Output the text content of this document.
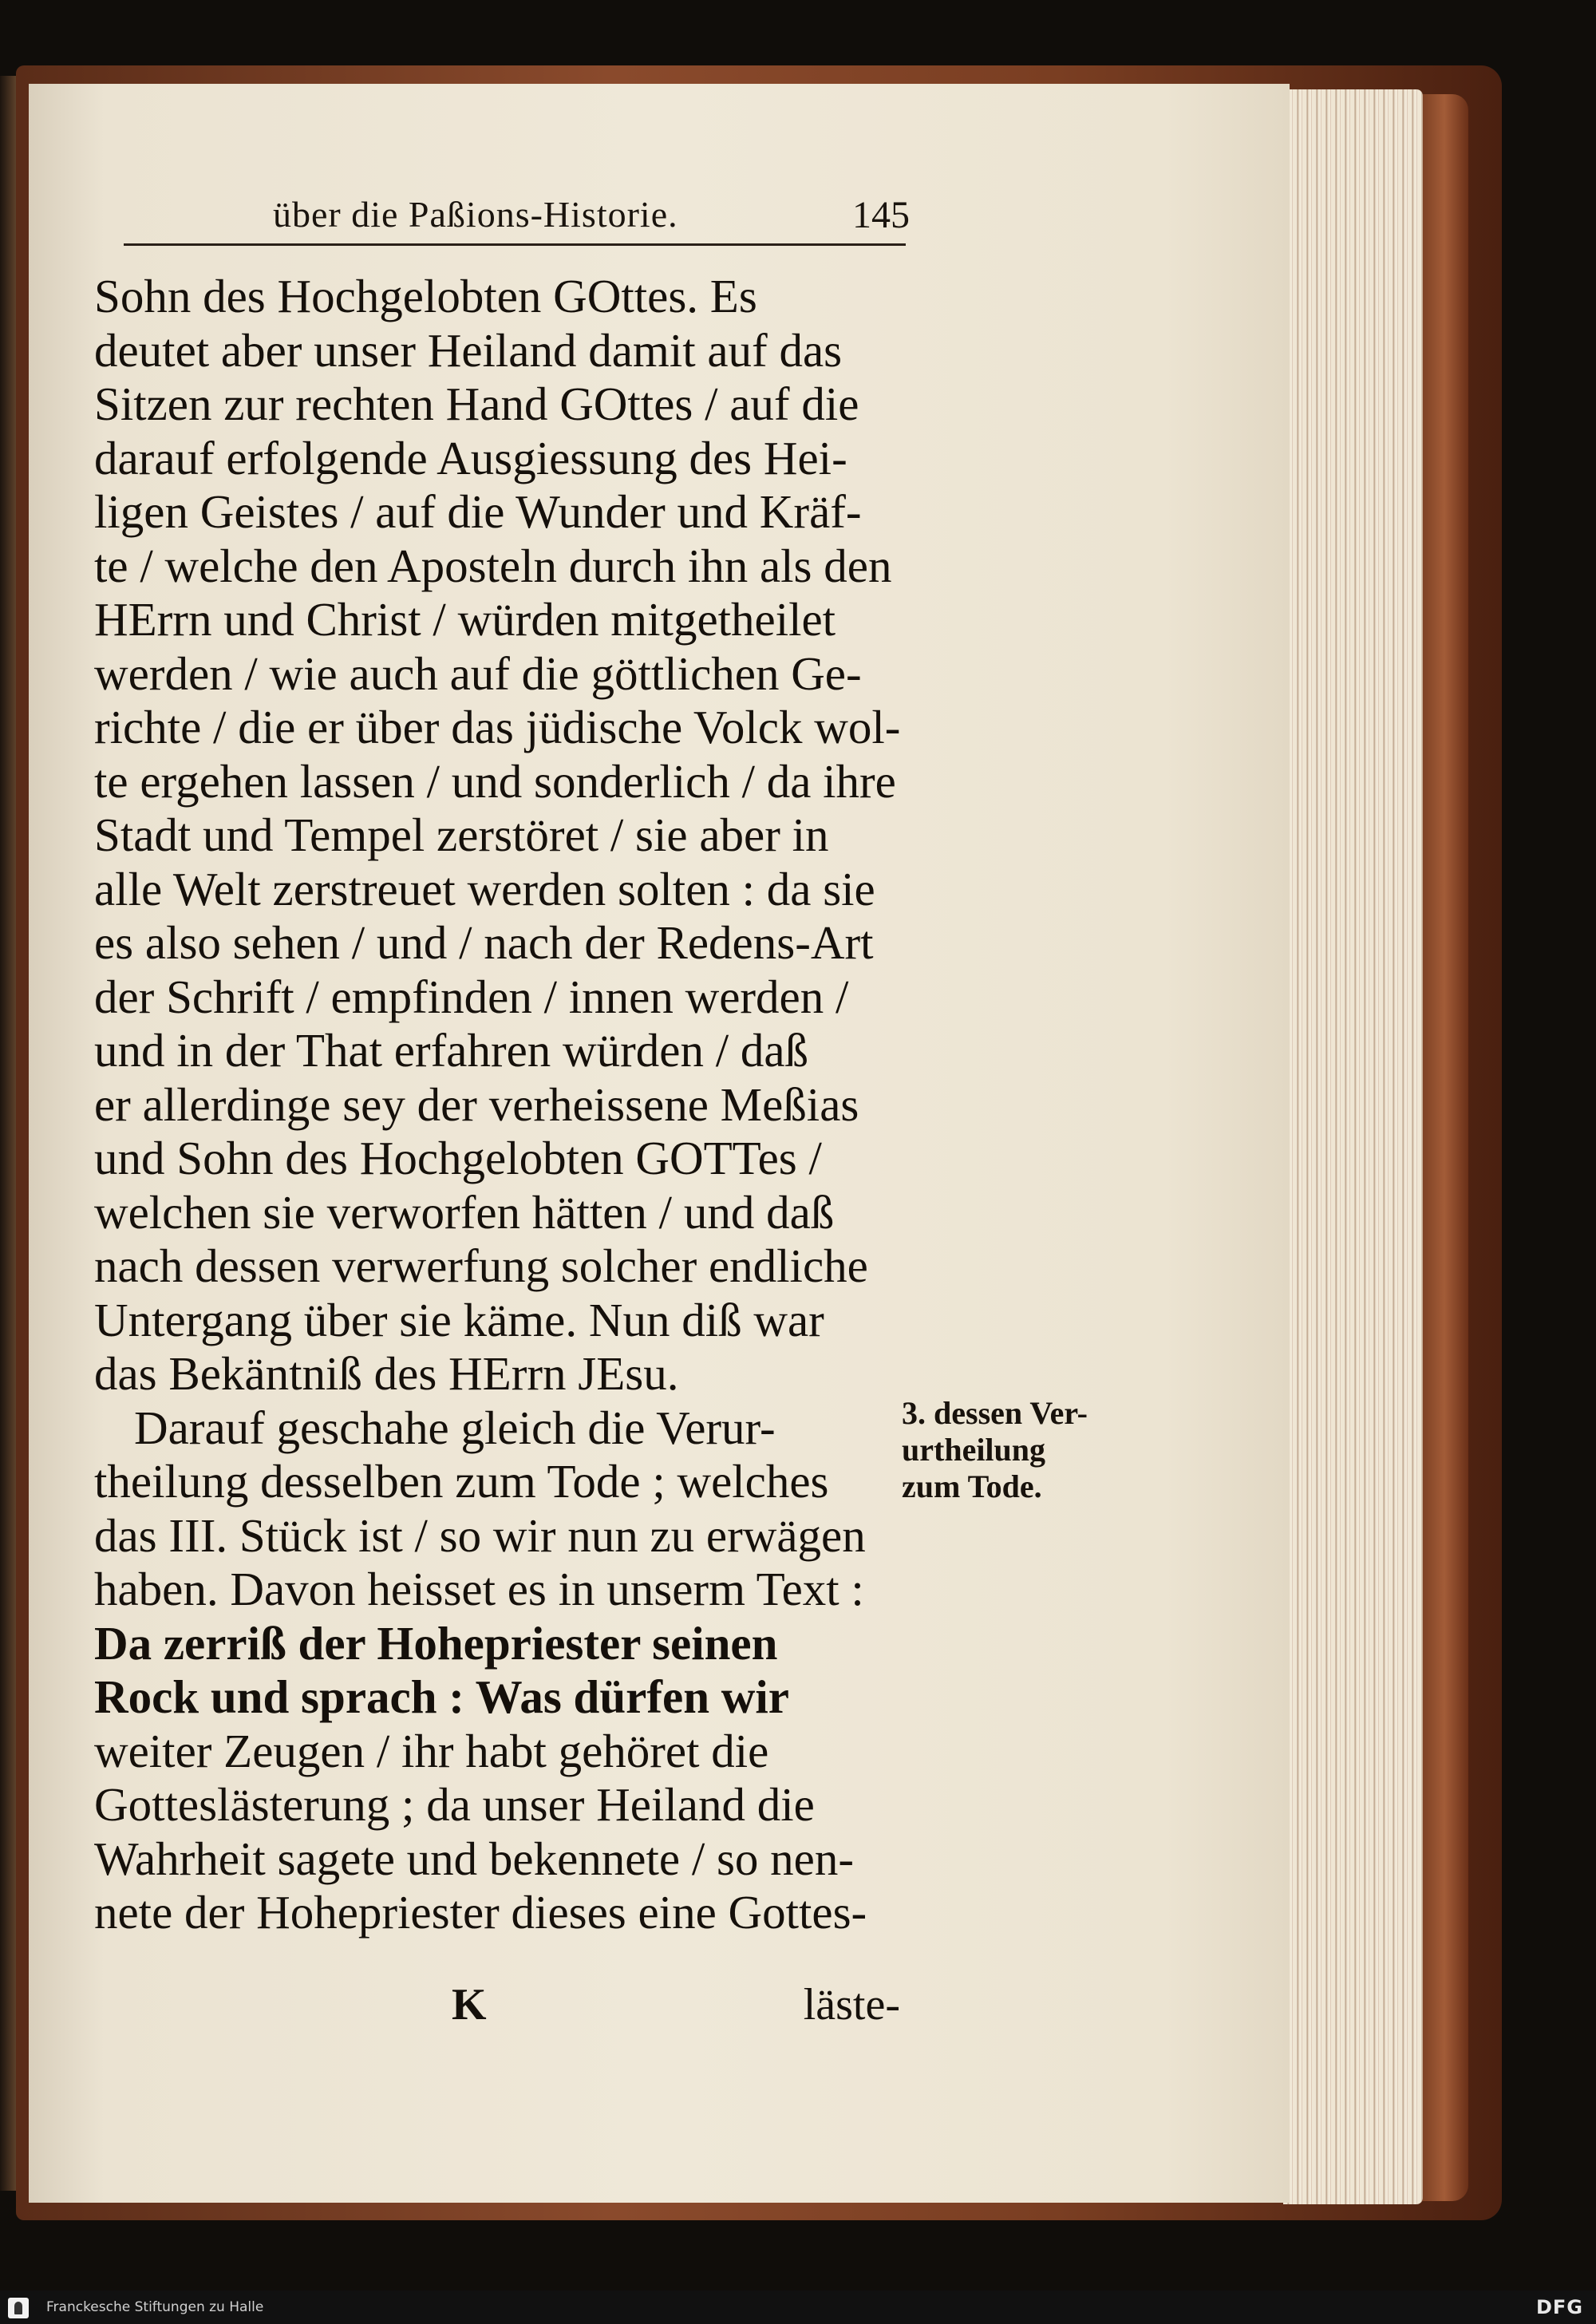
über die Paßions-Historie.	145
Sohn des Hochgelobten GOttes. Es
deutet aber unser Heiland damit auf das
Sitzen zur rechten Hand GOttes / auf die
darauf erfolgende Ausgiessung des Hei-
ligen Geistes / auf die Wunder und Kräf-
te / welche den Aposteln durch ihn als den
HErrn und Christ / würden mitgetheilet
werden / wie auch auf die göttlichen Ge-
richte / die er über das jüdische Volck wol-
te ergehen lassen / und sonderlich / da ihre
Stadt und Tempel zerstöret / sie aber in
alle Welt zerstreuet werden solten : da sie
es also sehen / und / nach der Redens-Art
der Schrift / empfinden / innen werden /
und in der That erfahren würden / daß
er allerdinge sey der verheissene Meßias
und Sohn des Hochgelobten GOTTes /
welchen sie verworfen hätten / und daß
nach dessen verwerfung solcher endliche
Untergang über sie käme. Nun diß war
das Bekäntniß des HErrn JEsu.
Darauf geschahe gleich die Verur-
theilung desselben zum Tode ; welches
das III. Stück ist / so wir nun zu erwägen
haben. Davon heisset es in unserm Text :
Da zerriß der Hohepriester seinen
Rock und sprach : Was dürfen wir
weiter Zeugen / ihr habt gehöret die
Gotteslästerung ; da unser Heiland die
Wahrheit sagete und bekennete / so nen-
nete der Hohepriester dieses eine Gottes-
3. dessen Ver-
urtheilung
zum Tode.
K	läste-
Franckesche Stiftungen zu Halle	DFG
